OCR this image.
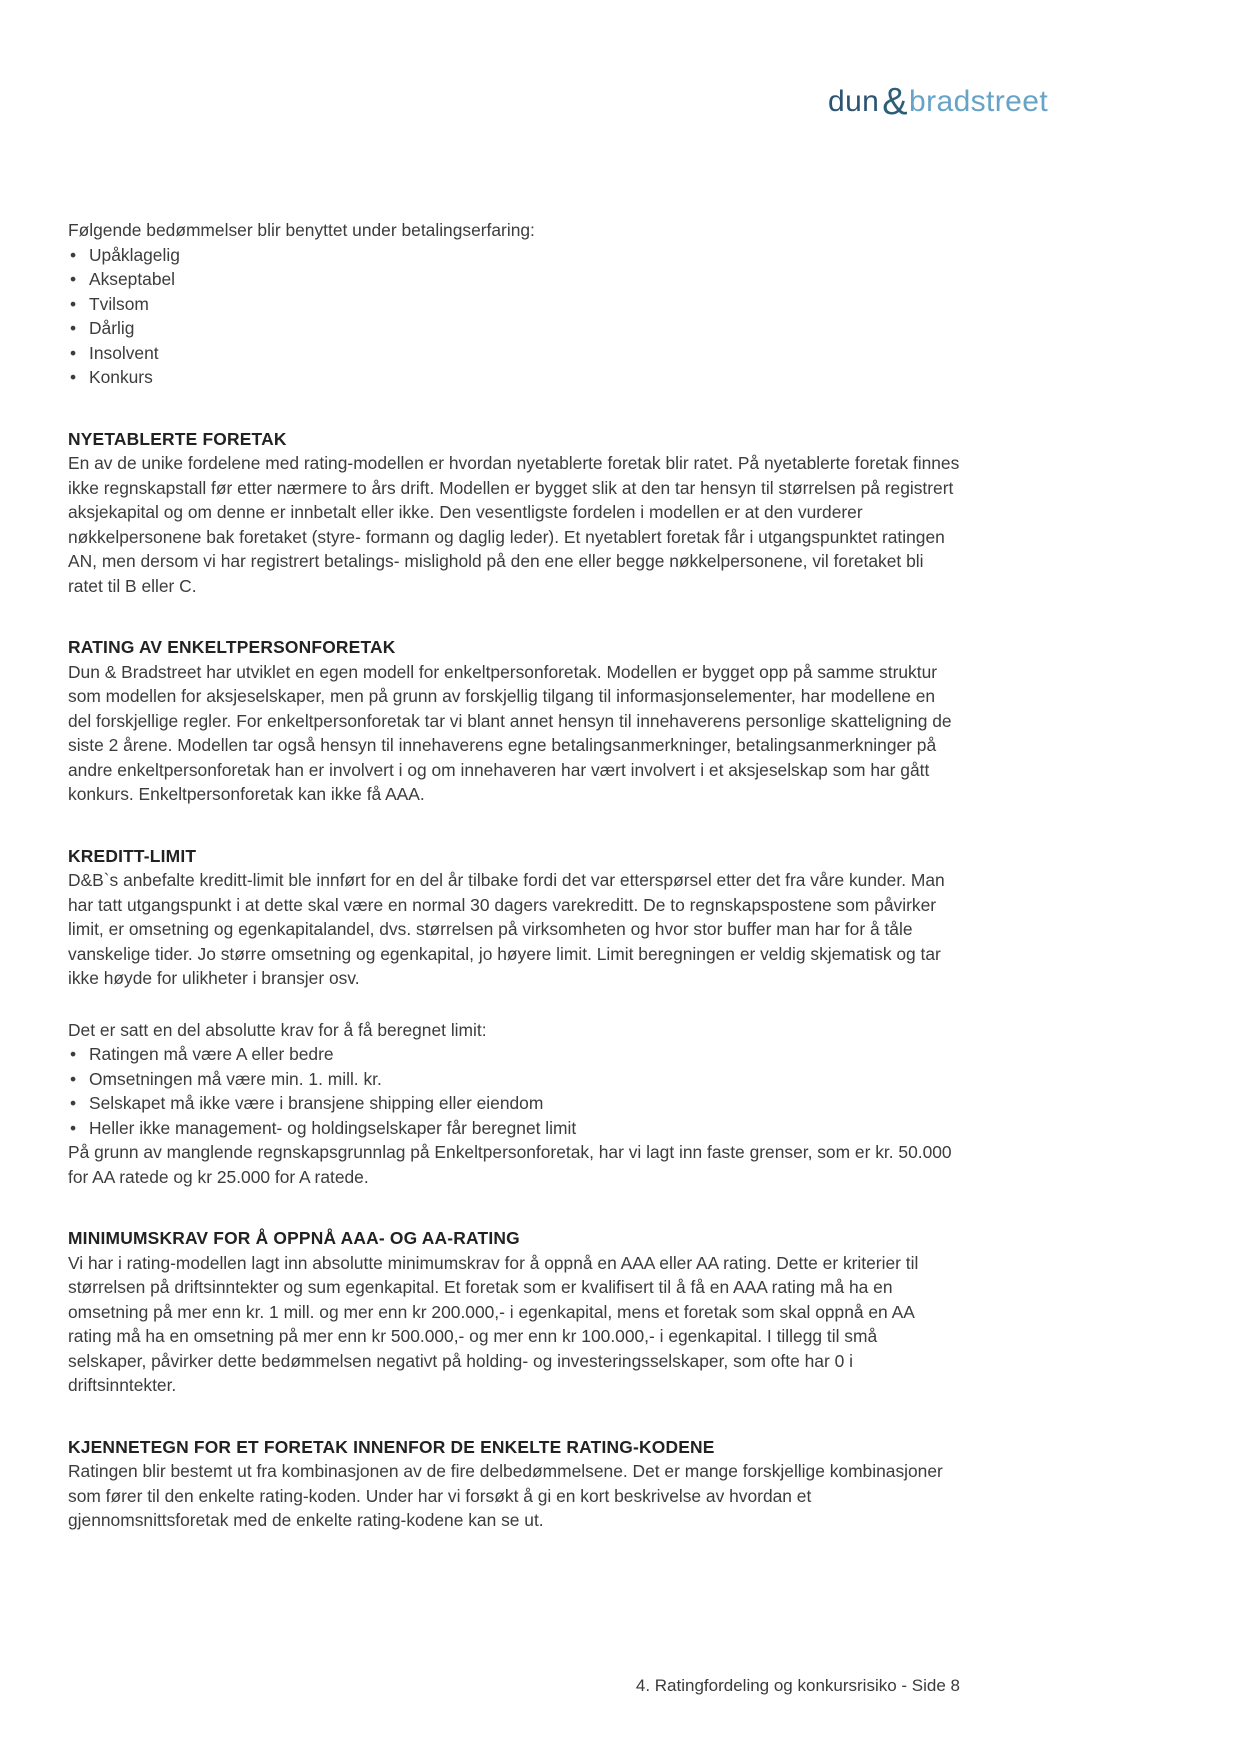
dun & bradstreet

Følgende bedømmelser blir benyttet under betalingserfaring:

• Upåklagelig
• Akseptabel
• Tvilsom
• Dårlig
• Insolvent
• Konkurs
NYETABLERTE FORETAK

En av de unike fordelene med rating-modellen er hvordan nyetablerte foretak blir ratet. På nyetablerte foretak finnes ikke regnskapstall før etter nærmere to års drift. Modellen er bygget slik at den tar hensyn til størrelsen på registrert aksjekapital og om denne er innbetalt eller ikke. Den vesentligste fordelen i modellen er at den vurderer nøkkelpersonene bak foretaket (styre- formann og daglig leder). Et nyetablert foretak får i utgangspunktet ratingen AN, men dersom vi har registrert betalings- mislighold på den ene eller begge nøkkelpersonene, vil foretaket bli ratet til B eller C.

RATING AV ENKELTPERSONFORETAK

Dun & Bradstreet har utviklet en egen modell for enkeltpersonforetak. Modellen er bygget opp på samme struktur som modellen for aksjeselskaper, men på grunn av forskjellig tilgang til informasjonselementer, har modellene en del forskjellige regler. For enkeltpersonforetak tar vi blant annet hensyn til innehaverens personlige skatteligning de siste 2 årene. Modellen tar også hensyn til innehaverens egne betalingsanmerkninger, betalingsanmerkninger på andre enkeltpersonforetak han er involvert i og om innehaveren har vært involvert i et aksjeselskap som har gått konkurs. Enkeltpersonforetak kan ikke få AAA.

KREDITT-LIMIT

D&B`s anbefalte kreditt-limit ble innført for en del år tilbake fordi det var etterspørsel etter det fra våre kunder. Man har tatt utgangspunkt i at dette skal være en normal 30 dagers varekreditt. De to regnskapspostene som påvirker limit, er omsetning og egenkapitalandel, dvs. størrelsen på virksomheten og hvor stor buffer man har for å tåle vanskelige tider. Jo større omsetning og egenkapital, jo høyere limit. Limit beregningen er veldig skjematisk og tar ikke høyde for ulikheter i bransjer osv.

Det er satt en del absolutte krav for å få beregnet limit:

• Ratingen må være A eller bedre
• Omsetningen må være min. 1. mill. kr.
• Selskapet må ikke være i bransjene shipping eller eiendom
• Heller ikke management- og holdingselskaper får beregnet limit

På grunn av manglende regnskapsgrunnlag på Enkeltpersonforetak, har vi lagt inn faste grenser, som er kr. 50.000 for AA ratede og kr 25.000 for A ratede.

MINIMUMSKRAV FOR Å OPPNÅ AAA- OG AA-RATING

Vi har i rating-modellen lagt inn absolutte minimumskrav for å oppnå en AAA eller AA rating. Dette er kriterier til størrelsen på driftsinntekter og sum egenkapital. Et foretak som er kvalifisert til å få en AAA rating må ha en omsetning på mer enn kr. 1 mill. og mer enn kr 200.000,- i egenkapital, mens et foretak som skal oppnå en AA rating må ha en omsetning på mer enn kr 500.000,- og mer enn kr 100.000,- i egenkapital. I tillegg til små selskaper, påvirker dette bedømmelsen negativt på holding- og investeringsselskaper, som ofte har 0 i driftsinntekter.

KJENNETEGN FOR ET FORETAK INNENFOR DE ENKELTE RATING-KODENE

Ratingen blir bestemt ut fra kombinasjonen av de fire delbedømmelsene. Det er mange forskjellige kombinasjoner som fører til den enkelte rating-koden. Under har vi forsøkt å gi en kort beskrivelse av hvordan et gjennomsnittsforetak med de enkelte rating-kodene kan se ut.

4. Ratingfordeling og konkursrisiko - Side 8
